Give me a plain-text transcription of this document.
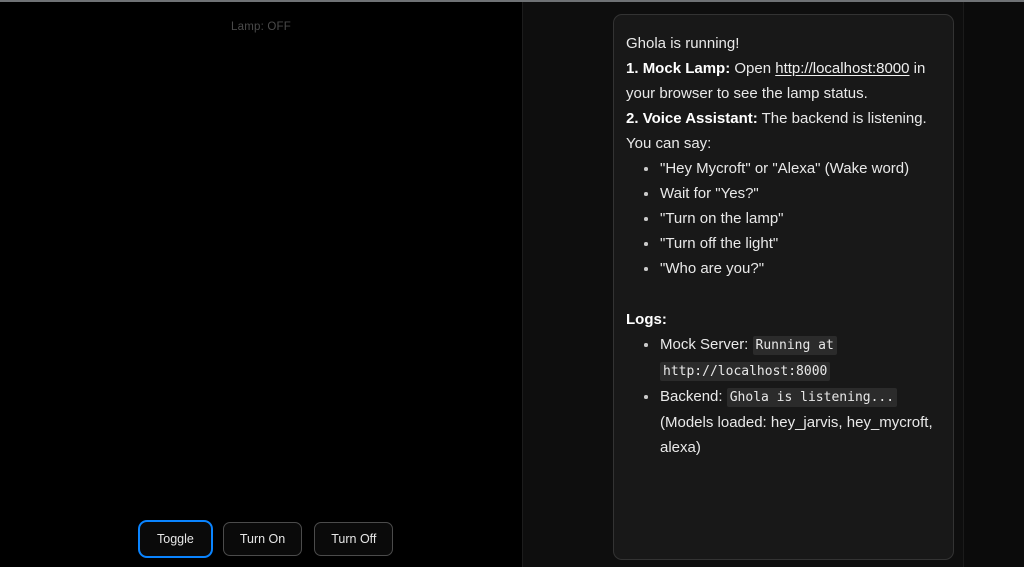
Lamp: OFF
Toggle	Turn On	Turn Off

Ghola is running!

1. Mock Lamp: Open http://localhost:8000 in your browser to see the lamp status.

2. Voice Assistant: The backend is listening. You can say:

"Hey Mycroft" or "Alexa" (Wake word)
Wait for "Yes?"
"Turn on the lamp"
"Turn off the light"
"Who are you?"

Logs:

Mock Server: Running at http://localhost:8000
Backend: Ghola is listening...
(Models loaded: hey_jarvis, hey_mycroft, alexa)
